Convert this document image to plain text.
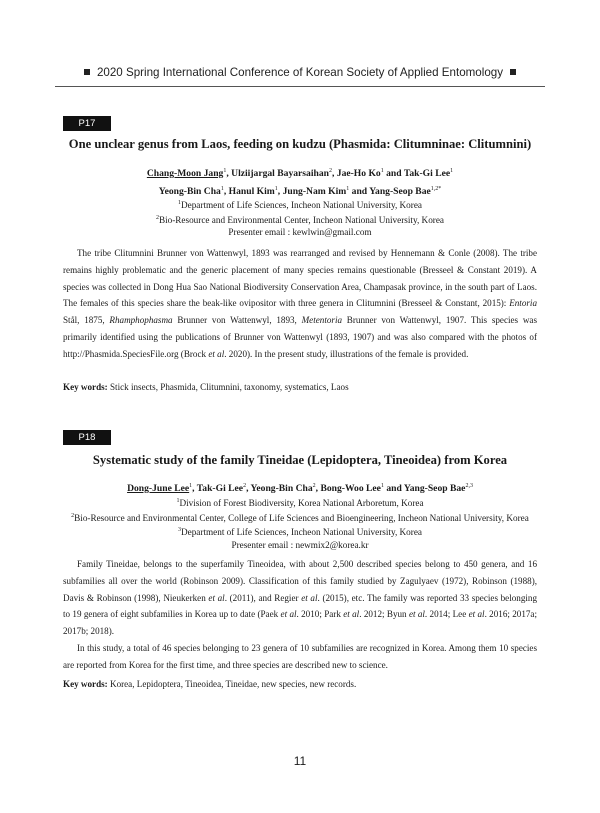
2020 Spring International Conference of Korean Society of Applied Entomology
P17
One unclear genus from Laos, feeding on kudzu (Phasmida: Clitumninae: Clitumnini)
Chang-Moon Jang$^1$, Ulziijargal Bayarsaihan$^2$, Jae-Ho Ko$^1$ and Tak-Gi Lee$^1$
Yeong-Bin Cha$^1$, Hanul Kim$^1$, Jung-Nam Kim$^1$ and Yang-Seop Bae$^{1,2*}$
$^1$Department of Life Sciences, Incheon National University, Korea
$^2$Bio-Resource and Environmental Center, Incheon National University, Korea
Presenter email : kewlwin@gmail.com

The tribe Clitumnini Brunner von Wattenwyl, 1893 was rearranged and revised by Hennemann & Conle (2008). The tribe remains highly problematic and the generic placement of many species remains questionable (Bresseel & Constant 2019). A species was collected in Dong Hua Sao National Biodiversity Conservation Area, Champasak province, in the south part of Laos. The females of this species share the beak-like ovipositor with three genera in Clitumnini (Bresseel & Constant, 2015): Entoria Stål, 1875, Rhamphophasma Brunner von Wattenwyl, 1893, Metentoria Brunner von Wattenwyl, 1907. This species was primarily identified using the publications of Brunner von Wattenwyl (1893, 1907) and was also compared with the photos of http://Phasmida.SpeciesFile.org (Brock et al. 2020). In the present study, illustrations of the female is provided.

Key words: Stick insects, Phasmida, Clitumnini, taxonomy, systematics, Laos
P18
Systematic study of the family Tineidae (Lepidoptera, Tineoidea) from Korea
Dong-June Lee$^1$, Tak-Gi Lee$^2$, Yeong-Bin Cha$^2$, Bong-Woo Lee$^1$ and Yang-Seop Bae$^{2,3}$
$^1$Division of Forest Biodiversity, Korea National Arboretum, Korea
$^2$Bio-Resource and Environmental Center, College of Life Sciences and Bioengineering, Incheon National University, Korea
$^3$Department of Life Sciences, Incheon National University, Korea
Presenter email : newmix2@korea.kr

Family Tineidae, belongs to the superfamily Tineoidea, with about 2,500 described species belong to 450 genera, and 16 subfamilies all over the world (Robinson 2009). Classification of this family studied by Zagulyaev (1972), Robinson (1988), Davis & Robinson (1998), Nieukerken et al. (2011), and Regier et al. (2015), etc. The family was reported 33 species belonging to 19 genera of eight subfamilies in Korea up to date (Paek et al. 2010; Park et al. 2012; Byun et al. 2014; Lee et al. 2016; 2017a; 2017b; 2018).

In this study, a total of 46 species belonging to 23 genera of 10 subfamilies are recognized in Korea. Among them 10 species are reported from Korea for the first time, and three species are described new to science.

Key words: Korea, Lepidoptera, Tineoidea, Tineidae, new species, new records.
11
